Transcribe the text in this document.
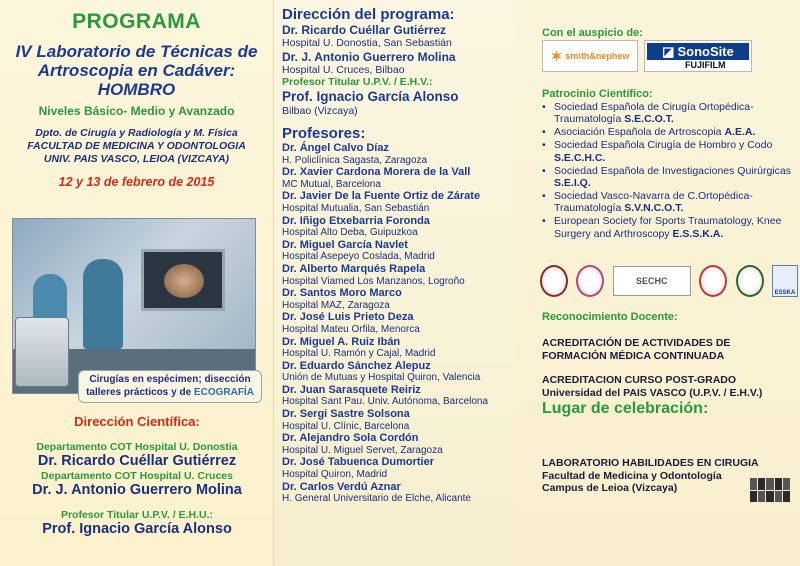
PROGRAMA
IV Laboratorio de Técnicas de
Artroscopia en Cadáver:
HOMBRO
Niveles Básico- Medio y Avanzado
Dpto. de Cirugía y Radiología y M. Física
FACULTAD DE MEDICINA Y ODONTOLOGIA
UNIV. PAIS VASCO, LEIOA (VIZCAYA)
12 y 13 de febrero de 2015
Cirugías en espécimen; disección
talleres prácticos y de ECOGRAFÍA
Dirección Científica:
Departamento COT Hospital U. Donostia
Dr. Ricardo Cuéllar Gutiérrez
Departamento COT Hospital U. Cruces
Dr. J. Antonio Guerrero Molina
Profesor Titular U.P.V. / E.H.U.:
Prof. Ignacio García Alonso
Dirección del programa:
Dr. Ricardo Cuéllar Gutiérrez
Hospital U. Donostia, San Sebastián
Dr. J. Antonio Guerrero Molina
Hospital U. Cruces, Bilbao
Profesor Titular U.P.V. / E.H.V.:
Prof. Ignacio García Alonso
Bilbao (Vizcaya)
Profesores:
Dr. Ángel Calvo Díaz
H. Policlínica Sagasta, Zaragoza
Dr. Xavier Cardona Morera de la Vall
MC Mutual, Barcelona
Dr. Javier De la Fuente Ortiz de Zárate
Hospital Mutualia, San Sebastián
Dr. Iñigo Etxebarria Foronda
Hospital Alto Deba, Guipuzkoa
Dr. Miguel García Navlet
Hospital Asepeyo Coslada, Madrid
Dr. Alberto Marqués Rapela
Hospital Viamed Los Manzanos, Logroño
Dr. Santos Moro Marco
Hospital MAZ, Zaragoza
Dr. José Luis Prieto Deza
Hospital Mateu Orfila, Menorca
Dr. Miguel A. Ruiz Ibán
Hospital U. Ramón y Cajal, Madrid
Dr. Eduardo Sánchez Alepuz
Unión de Mutuas y Hospital Quiron, Valencia
Dr. Juan Sarasquete Reiriz
Hospital Sant Pau. Univ. Autónoma, Barcelona
Dr. Sergi Sastre Solsona
Hospital U. Clínic, Barcelona
Dr. Alejandro Sola Cordón
Hospital U. Miguel Servet, Zaragoza
Dr. José Tabuenca Dumortier
Hospital Quiron, Madrid
Dr. Carlos Verdú Aznar
H. General Universitario de Elche, Alicante
Con el auspicio de:
✶ smith&nephew	◪ SonoSite
FUJIFILM
Patrocinio Científico:
• Sociedad Española de Cirugía Ortopédica-Traumatología S.E.C.O.T.
• Asociación Española de Artroscopia A.E.A.
• Sociedad Española Cirugía de Hombro y Codo S.E.C.H.C.
• Sociedad Española de Investigaciones Quirúrgicas S.E.I.Q.
• Sociedad Vasco-Navarra de C.Ortopédica-Traumatología S.V.N.C.O.T.
• European Society for Sports Traumatology, Knee Surgery and Arthroscopy E.S.S.K.A.
SECHC
ESSKA
Reconocimiento Docente:
ACREDITACIÓN DE ACTIVIDADES DE
FORMACIÓN MÉDICA CONTINUADA
ACREDITACION CURSO POST-GRADO
Universidad del PAIS VASCO (U.P.V. / E.H.V.)
Lugar de celebración:
LABORATORIO HABILIDADES EN CIRUGIA
Facultad de Medicina y Odontología
Campus de Leioa (Vizcaya)
